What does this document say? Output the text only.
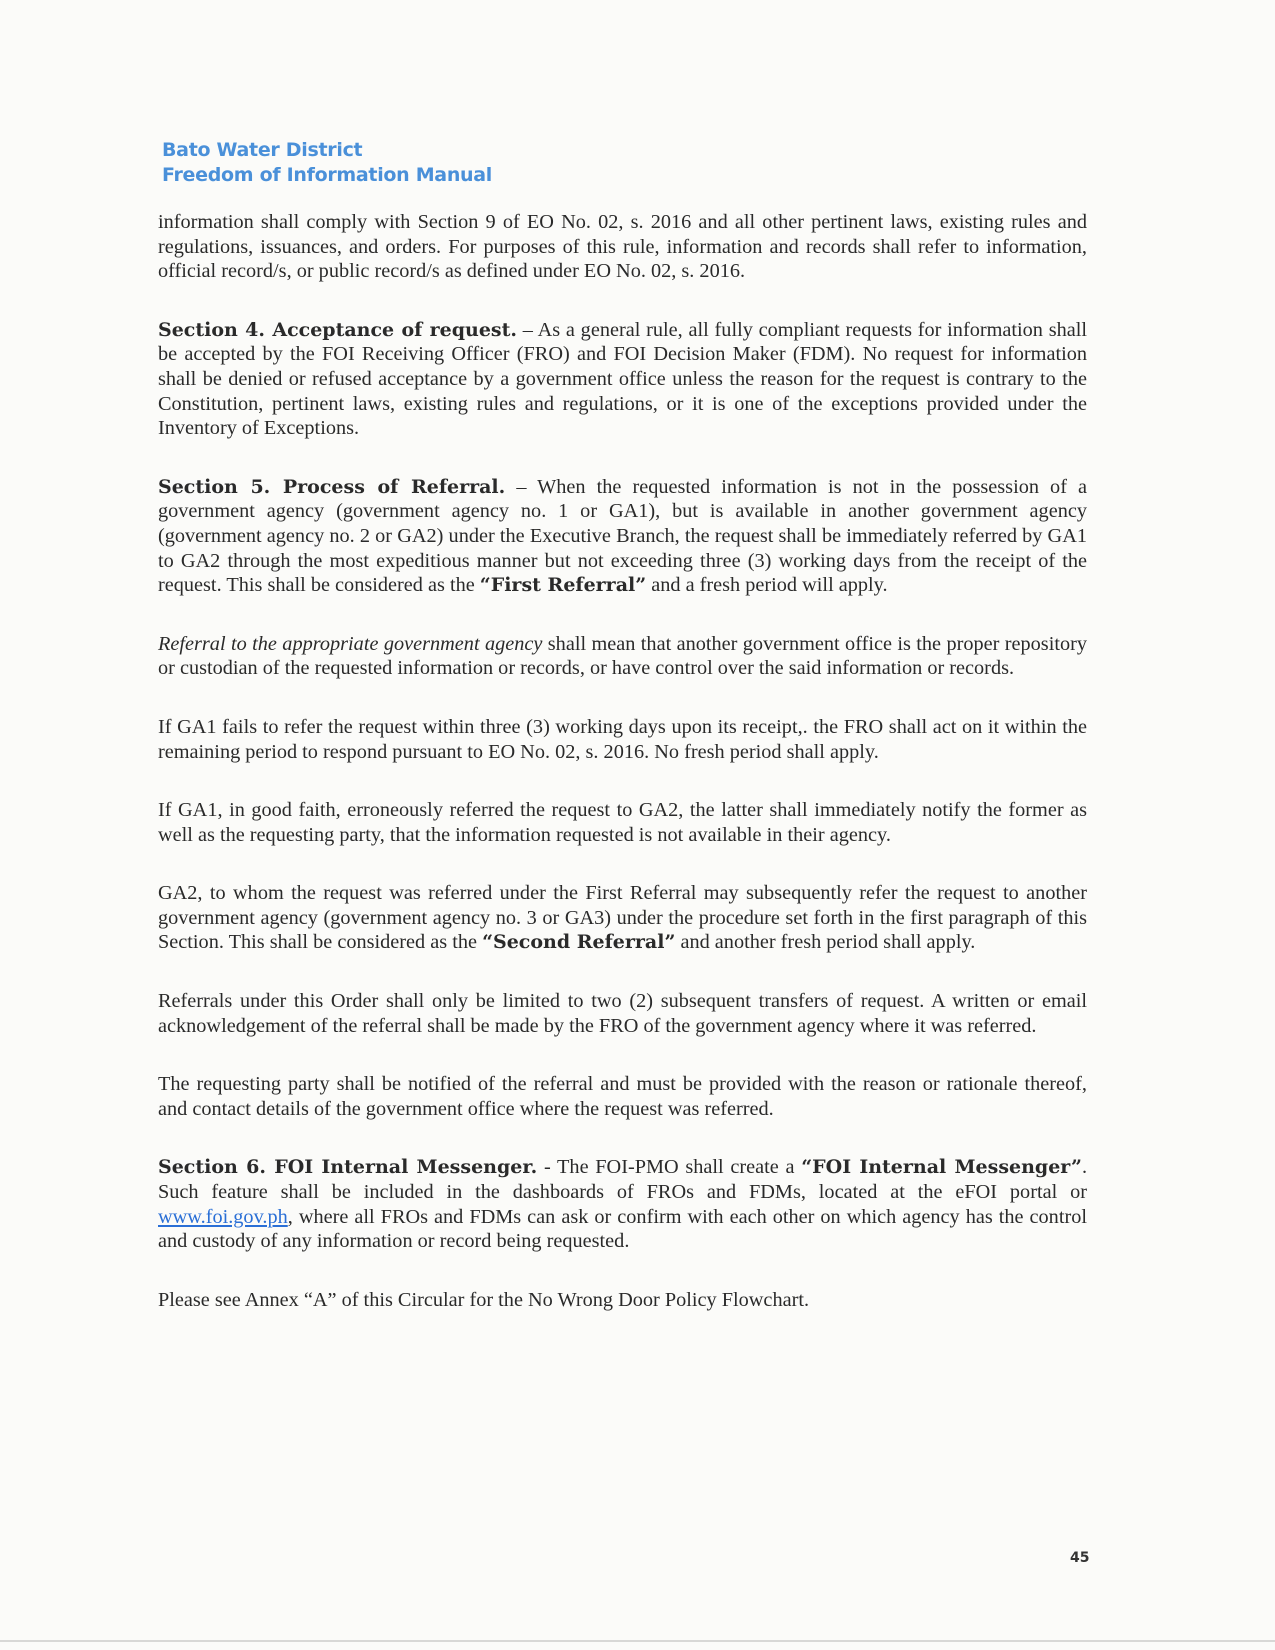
Bato Water District
Freedom of Information Manual

information shall comply with Section 9 of EO No. 02, s. 2016 and all other pertinent laws, existing rules and regulations, issuances, and orders. For purposes of this rule, information and records shall refer to information, official record/s, or public record/s as defined under EO No. 02, s. 2016.

Section 4. Acceptance of request. – As a general rule, all fully compliant requests for information shall be accepted by the FOI Receiving Officer (FRO) and FOI Decision Maker (FDM). No request for information shall be denied or refused acceptance by a government office unless the reason for the request is contrary to the Constitution, pertinent laws, existing rules and regulations, or it is one of the exceptions provided under the Inventory of Exceptions.

Section 5. Process of Referral. – When the requested information is not in the possession of a government agency (government agency no. 1 or GA1), but is available in another government agency (government agency no. 2 or GA2) under the Executive Branch, the request shall be immediately referred by GA1 to GA2 through the most expeditious manner but not exceeding three (3) working days from the receipt of the request. This shall be considered as the “First Referral” and a fresh period will apply.

Referral to the appropriate government agency shall mean that another government office is the proper repository or custodian of the requested information or records, or have control over the said information or records.

If GA1 fails to refer the request within three (3) working days upon its receipt,. the FRO shall act on it within the remaining period to respond pursuant to EO No. 02, s. 2016. No fresh period shall apply.

If GA1, in good faith, erroneously referred the request to GA2, the latter shall immediately notify the former as well as the requesting party, that the information requested is not available in their agency.

GA2, to whom the request was referred under the First Referral may subsequently refer the request to another government agency (government agency no. 3 or GA3) under the procedure set forth in the first paragraph of this Section. This shall be considered as the “Second Referral” and another fresh period shall apply.

Referrals under this Order shall only be limited to two (2) subsequent transfers of request. A written or email acknowledgement of the referral shall be made by the FRO of the government agency where it was referred.

The requesting party shall be notified of the referral and must be provided with the reason or rationale thereof, and contact details of the government office where the request was referred.

Section 6. FOI Internal Messenger. - The FOI-PMO shall create a “FOI Internal Messenger”. Such feature shall be included in the dashboards of FROs and FDMs, located at the eFOI portal or www.foi.gov.ph, where all FROs and FDMs can ask or confirm with each other on which agency has the control and custody of any information or record being requested.

Please see Annex “A” of this Circular for the No Wrong Door Policy Flowchart.

45
